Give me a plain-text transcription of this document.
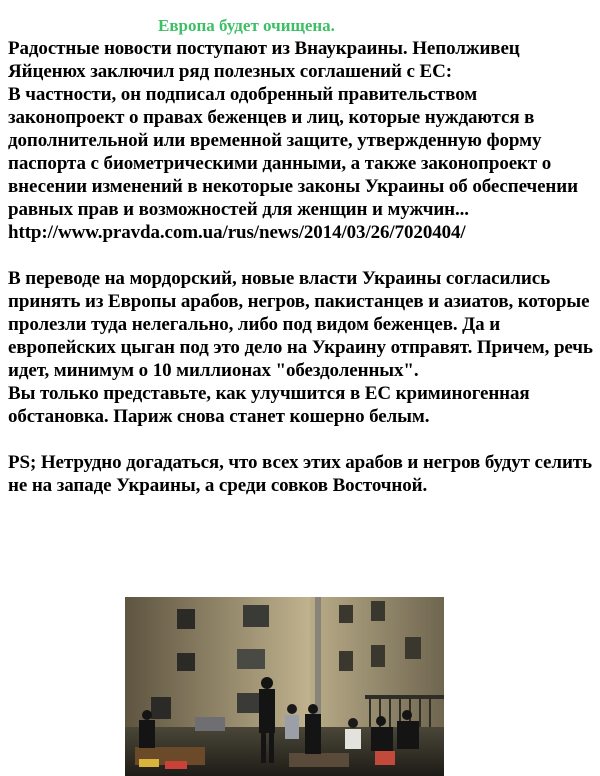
Европа будет очищена.

Радостные новости поступают из Внаукраины. Неполживец Яйценюх заключил ряд полезных соглашений с ЕС:

В частности, он подписал одобренный правительством законопроект о правах беженцев и лиц, которые нуждаются в дополнительной или временной защите, утвержденную форму паспорта с биометрическими данными, а также законопроект о внесении изменений в некоторые законы Украины об обеспечении равных прав и возможностей для женщин и мужчин...

http://www.pravda.com.ua/rus/news/2014/03/26/7020404/

В переводе на мордорский, новые власти Украины согласились принять из Европы арабов, негров, пакистанцев и азиатов, которые пролезли туда нелегально, либо под видом беженцев. Да и европейских цыган под это дело на Украину отправят. Причем, речь идет, минимум о 10 миллионах "обездоленных".

Вы только представьте, как улучшится в ЕС криминогенная обстановка. Париж снова станет кошерно белым.

PS; Нетрудно догадаться, что всех этих арабов и негров будут селить не на западе Украины, а среди совков Восточной.
